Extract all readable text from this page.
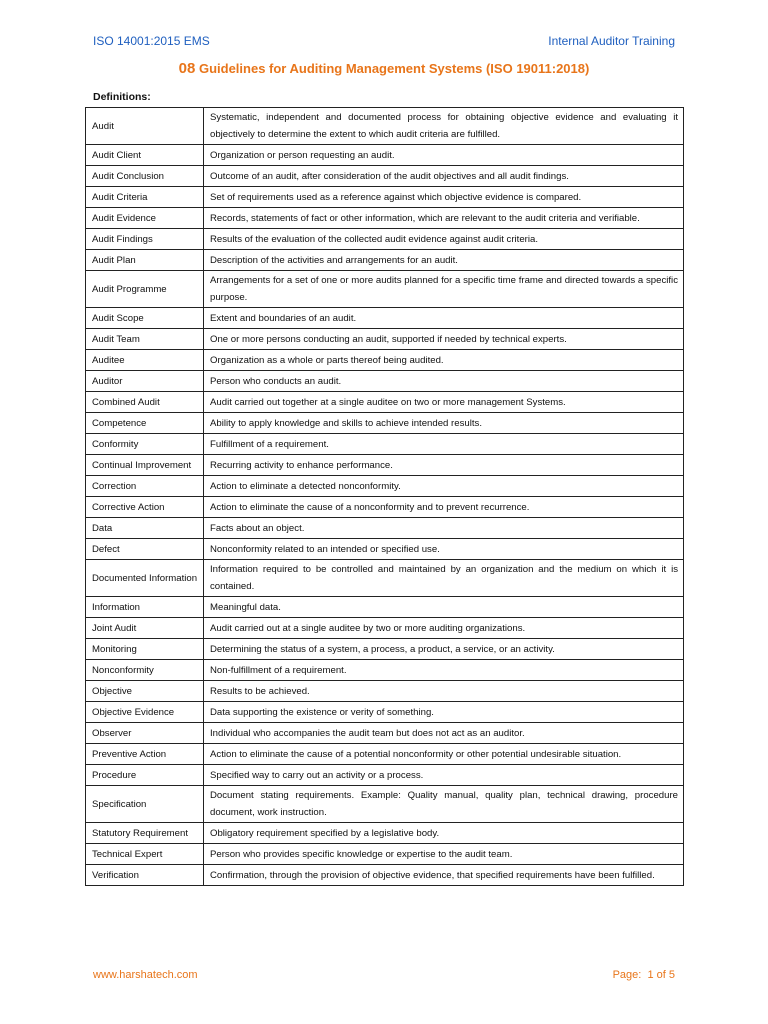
ISO 14001:2015 EMS	Internal Auditor Training
08 Guidelines for Auditing Management Systems (ISO 19011:2018)
Definitions:
Audit	Systematic, independent and documented process for obtaining objective evidence and evaluating it objectively to determine the extent to which audit criteria are fulfilled.
Audit Client	Organization or person requesting an audit.
Audit Conclusion	Outcome of an audit, after consideration of the audit objectives and all audit findings.
Audit Criteria	Set of requirements used as a reference against which objective evidence is compared.
Audit Evidence	Records, statements of fact or other information, which are relevant to the audit criteria and verifiable.
Audit Findings	Results of the evaluation of the collected audit evidence against audit criteria.
Audit Plan	Description of the activities and arrangements for an audit.
Audit Programme	Arrangements for a set of one or more audits planned for a specific time frame and directed towards a specific purpose.
Audit Scope	Extent and boundaries of an audit.
Audit Team	One or more persons conducting an audit, supported if needed by technical experts.
Auditee	Organization as a whole or parts thereof being audited.
Auditor	Person who conducts an audit.
Combined Audit	Audit carried out together at a single auditee on two or more management Systems.
Competence	Ability to apply knowledge and skills to achieve intended results.
Conformity	Fulfillment of a requirement.
Continual Improvement	Recurring activity to enhance performance.
Correction	Action to eliminate a detected nonconformity.
Corrective Action	Action to eliminate the cause of a nonconformity and to prevent recurrence.
Data	Facts about an object.
Defect	Nonconformity related to an intended or specified use.
Documented Information	Information required to be controlled and maintained by an organization and the medium on which it is contained.
Information	Meaningful data.
Joint Audit	Audit carried out at a single auditee by two or more auditing organizations.
Monitoring	Determining the status of a system, a process, a product, a service, or an activity.
Nonconformity	Non-fulfillment of a requirement.
Objective	Results to be achieved.
Objective Evidence	Data supporting the existence or verity of something.
Observer	Individual who accompanies the audit team but does not act as an auditor.
Preventive Action	Action to eliminate the cause of a potential nonconformity or other potential undesirable situation.
Procedure	Specified way to carry out an activity or a process.
Specification	Document stating requirements. Example: Quality manual, quality plan, technical drawing, procedure document, work instruction.
Statutory Requirement	Obligatory requirement specified by a legislative body.
Technical Expert	Person who provides specific knowledge or expertise to the audit team.
Verification	Confirmation, through the provision of objective evidence, that specified requirements have been fulfilled.
www.harshatech.com	Page: 1 of 5
